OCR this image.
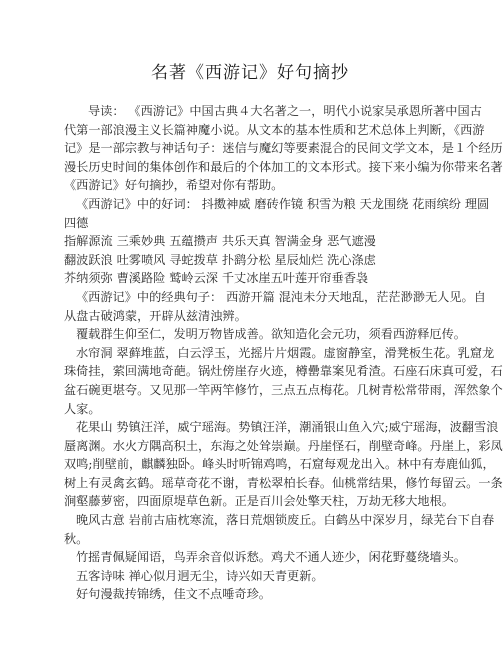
名著《西游记》好句摘抄
导读： 《西游记》中国古典４大名著之一，明代小说家吴承恩所著中国古
代第一部浪漫主义长篇神魔小说。从文本的基本性质和艺术总体上判断，《西游
记》是一部宗教与神话句子：迷信与魔幻等要素混合的民间文学文本，是１个经历
漫长历史时间的集体创作和最后的个体加工的文本形式。接下来小编为你带来名著
《西游记》好句摘抄，希望对你有帮助。
《西游记》中的好词： 抖擞神威 磨砖作镜 积雪为粮 天龙围绕 花雨缤纷 理圆
四德
指解源流 三乘妙典 五蕴攒声 共乐天真 智满金身 恶气遮漫
翻波跃浪 吐雾喷风 寻蛇拨草 扑鹞分松 星辰灿烂 洗心涤虑
芥纳须弥 曹溪路险 鹫岭云深 千丈冰崖五叶莲开帘垂香袅
《西游记》中的经典句子： 西游开篇 混沌未分天地乱，茫茫渺渺无人见。自
从盘古破鸿蒙，开辟从兹清浊辨。
覆载群生仰至仁，发明万物皆成善。欲知造化会元功，须看西游释厄传。
水帘洞 翠藓堆蓝，白云浮玉，光摇片片烟霞。虚窗静室，滑凳板生花。乳窟龙
珠倚挂，萦回满地奇葩。锅灶傍崖存火迹，樽罍靠案见肴渣。石座石床真可爱，石
盆石碗更堪夸。又见那一竿两竿修竹，三点五点梅花。几树青松常带雨，浑然象个
人家。
花果山 势镇汪洋，威宁瑶海。势镇汪洋，潮涌银山鱼入穴;威宁瑶海，波翻雪浪
蜃离渊。水火方隅高积土，东海之处耸崇巅。丹崖怪石，削壁奇峰。丹崖上，彩凤
双鸣;削壁前，麒麟独卧。峰头时听锦鸡鸣，石窟每观龙出入。林中有寿鹿仙狐，
树上有灵禽玄鹤。瑶草奇花不谢，青松翠柏长春。仙桃常结果，修竹每留云。一条
涧壑藤萝密，四面原堤草色新。正是百川会处擎天柱，万劫无移大地根。
晚风古意 岩前古庙枕寒流，落日荒烟锁废丘。白鹤丛中深岁月，绿芜台下自春
秋。
竹摇青佩疑闻语，鸟弄余音似诉愁。鸡犬不通人迹少，闲花野蔓绕墙头。
五客诗味 禅心似月迥无尘，诗兴如天青更新。
好句漫裁抟锦绣，佳文不点唾奇珍。
